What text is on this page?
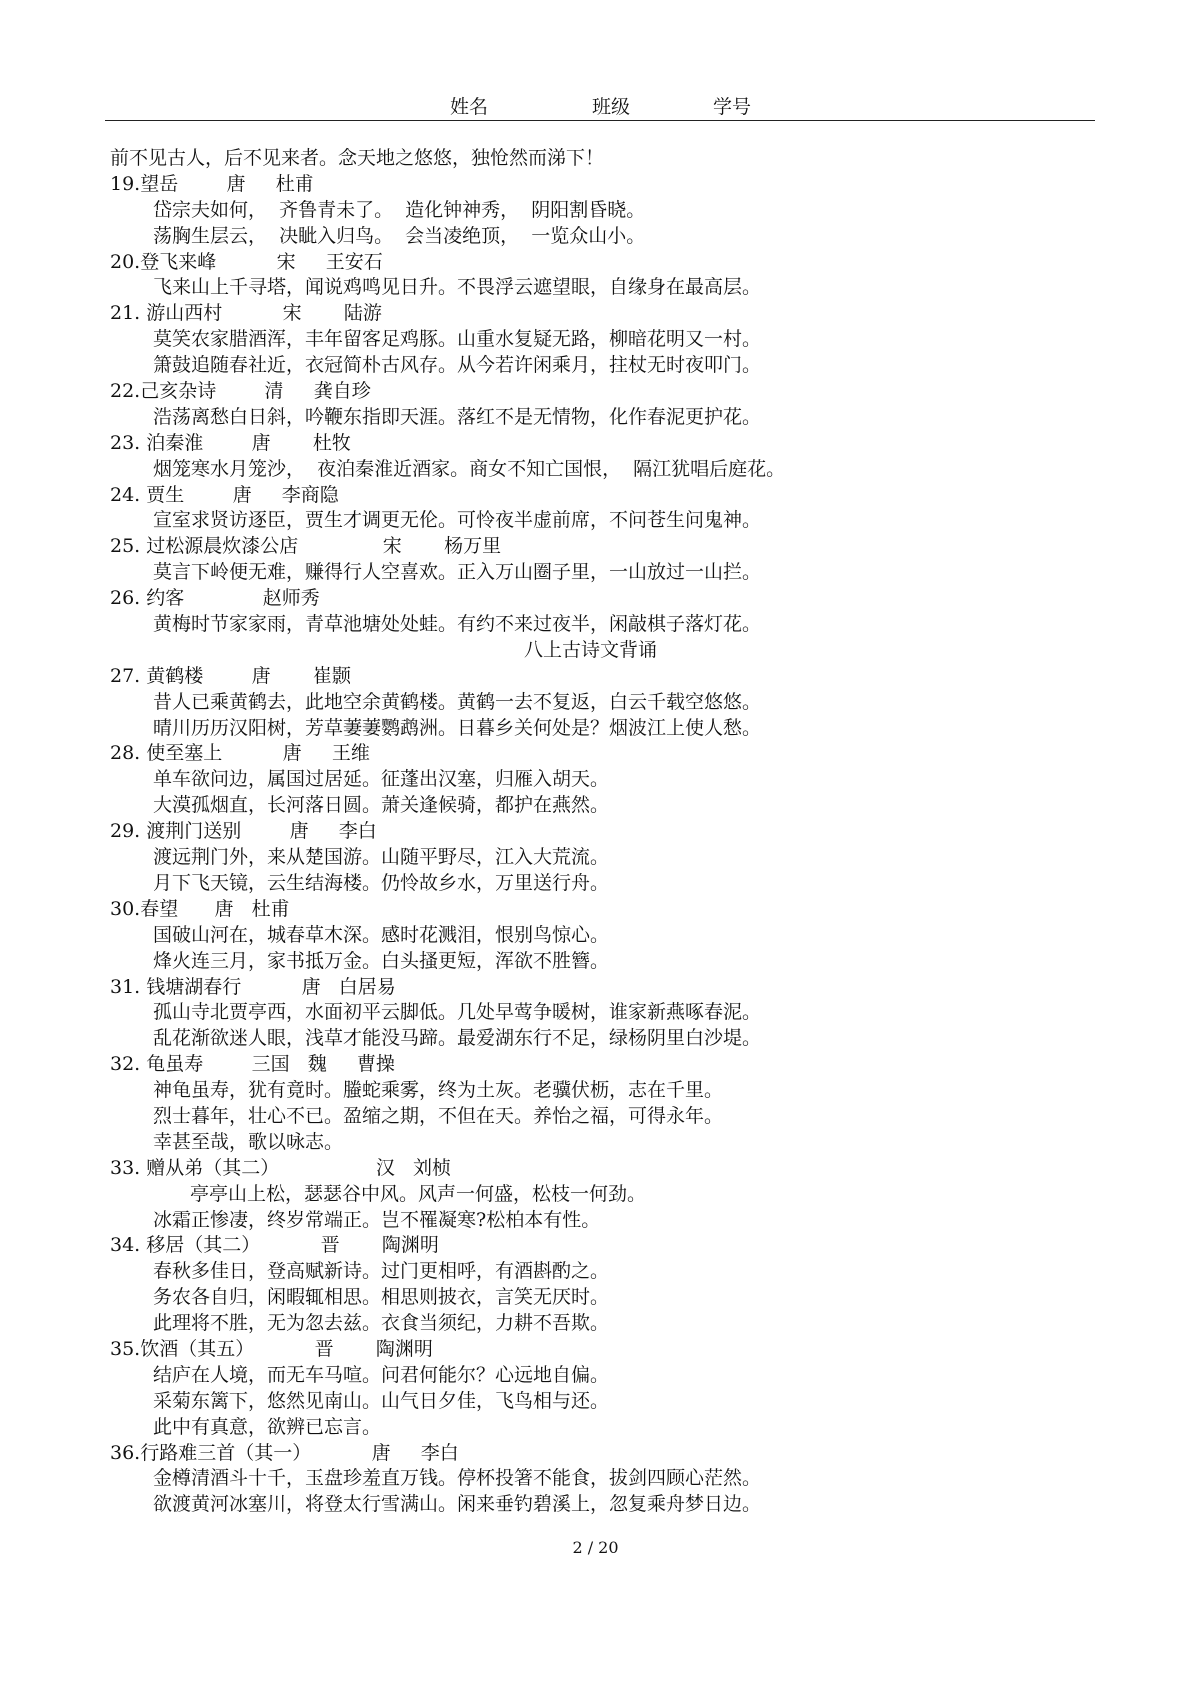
姓名	班级	学号
前不见古人，后不见来者。念天地之悠悠，独怆然而涕下！
19.望岳        唐     杜甫
岱宗夫如何，  齐鲁青未了。  造化钟神秀，  阴阳割昏晓。
荡胸生层云，  决眦入归鸟。  会当凌绝顶，  一览众山小。
20.登飞来峰          宋     王安石
飞来山上千寻塔，闻说鸡鸣见日升。不畏浮云遮望眼，自缘身在最高层。
21. 游山西村          宋       陆游
莫笑农家腊酒浑，丰年留客足鸡豚。山重水复疑无路，柳暗花明又一村。
箫鼓追随春社近，衣冠简朴古风存。从今若许闲乘月，拄杖无时夜叩门。
22.己亥杂诗        清     龚自珍
浩荡离愁白日斜，吟鞭东指即天涯。落红不是无情物，化作春泥更护花。
23. 泊秦淮        唐       杜牧
烟笼寒水月笼沙，  夜泊秦淮近酒家。商女不知亡国恨，  隔江犹唱后庭花。
24. 贾生        唐     李商隐
宣室求贤访逐臣，贾生才调更无伦。可怜夜半虚前席，不问苍生问鬼神。
25. 过松源晨炊漆公店              宋       杨万里
莫言下岭便无难，赚得行人空喜欢。正入万山圈子里，一山放过一山拦。
26. 约客             赵师秀
黄梅时节家家雨，青草池塘处处蛙。有约不来过夜半，闲敲棋子落灯花。
八上古诗文背诵
27. 黄鹤楼        唐       崔颢
昔人已乘黄鹤去，此地空余黄鹤楼。黄鹤一去不复返，白云千载空悠悠。
晴川历历汉阳树，芳草萋萋鹦鹉洲。日暮乡关何处是？烟波江上使人愁。
28. 使至塞上          唐     王维
单车欲问边，属国过居延。征蓬出汉塞，归雁入胡天。
大漠孤烟直，长河落日圆。萧关逢候骑，都护在燕然。
29. 渡荆门送别        唐     李白
渡远荆门外，来从楚国游。山随平野尽，江入大荒流。
月下飞天镜，云生结海楼。仍怜故乡水，万里送行舟。
30.春望      唐   杜甫
国破山河在，城春草木深。感时花溅泪，恨别鸟惊心。
烽火连三月，家书抵万金。白头搔更短，浑欲不胜簪。
31. 钱塘湖春行          唐   白居易
孤山寺北贾亭西，水面初平云脚低。几处早莺争暖树，谁家新燕啄春泥。
乱花渐欲迷人眼，浅草才能没马蹄。最爱湖东行不足，绿杨阴里白沙堤。
32. 龟虽寿        三国   魏     曹操
神龟虽寿，犹有竟时。螣蛇乘雾，终为土灰。老骥伏枥，志在千里。
烈士暮年，壮心不已。盈缩之期，不但在天。养怡之福，可得永年。
幸甚至哉，歌以咏志。
33. 赠从弟（其二）                汉   刘桢
亭亭山上松，瑟瑟谷中风。风声一何盛，松枝一何劲。
冰霜正惨凄，终岁常端正。岂不罹凝寒?松柏本有性。
34. 移居（其二）          晋       陶渊明
春秋多佳日，登高赋新诗。过门更相呼，有酒斟酌之。
务农各自归，闲暇辄相思。相思则披衣，言笑无厌时。
此理将不胜，无为忽去兹。衣食当须纪，力耕不吾欺。
35.饮酒（其五）          晋       陶渊明
结庐在人境，而无车马喧。问君何能尔？心远地自偏。
采菊东篱下，悠然见南山。山气日夕佳，飞鸟相与还。
此中有真意，欲辨已忘言。
36.行路难三首（其一）          唐     李白
金樽清酒斗十千，玉盘珍羞直万钱。停杯投箸不能食，拔剑四顾心茫然。
欲渡黄河冰塞川，将登太行雪满山。闲来垂钓碧溪上，忽复乘舟梦日边。
2 / 20
